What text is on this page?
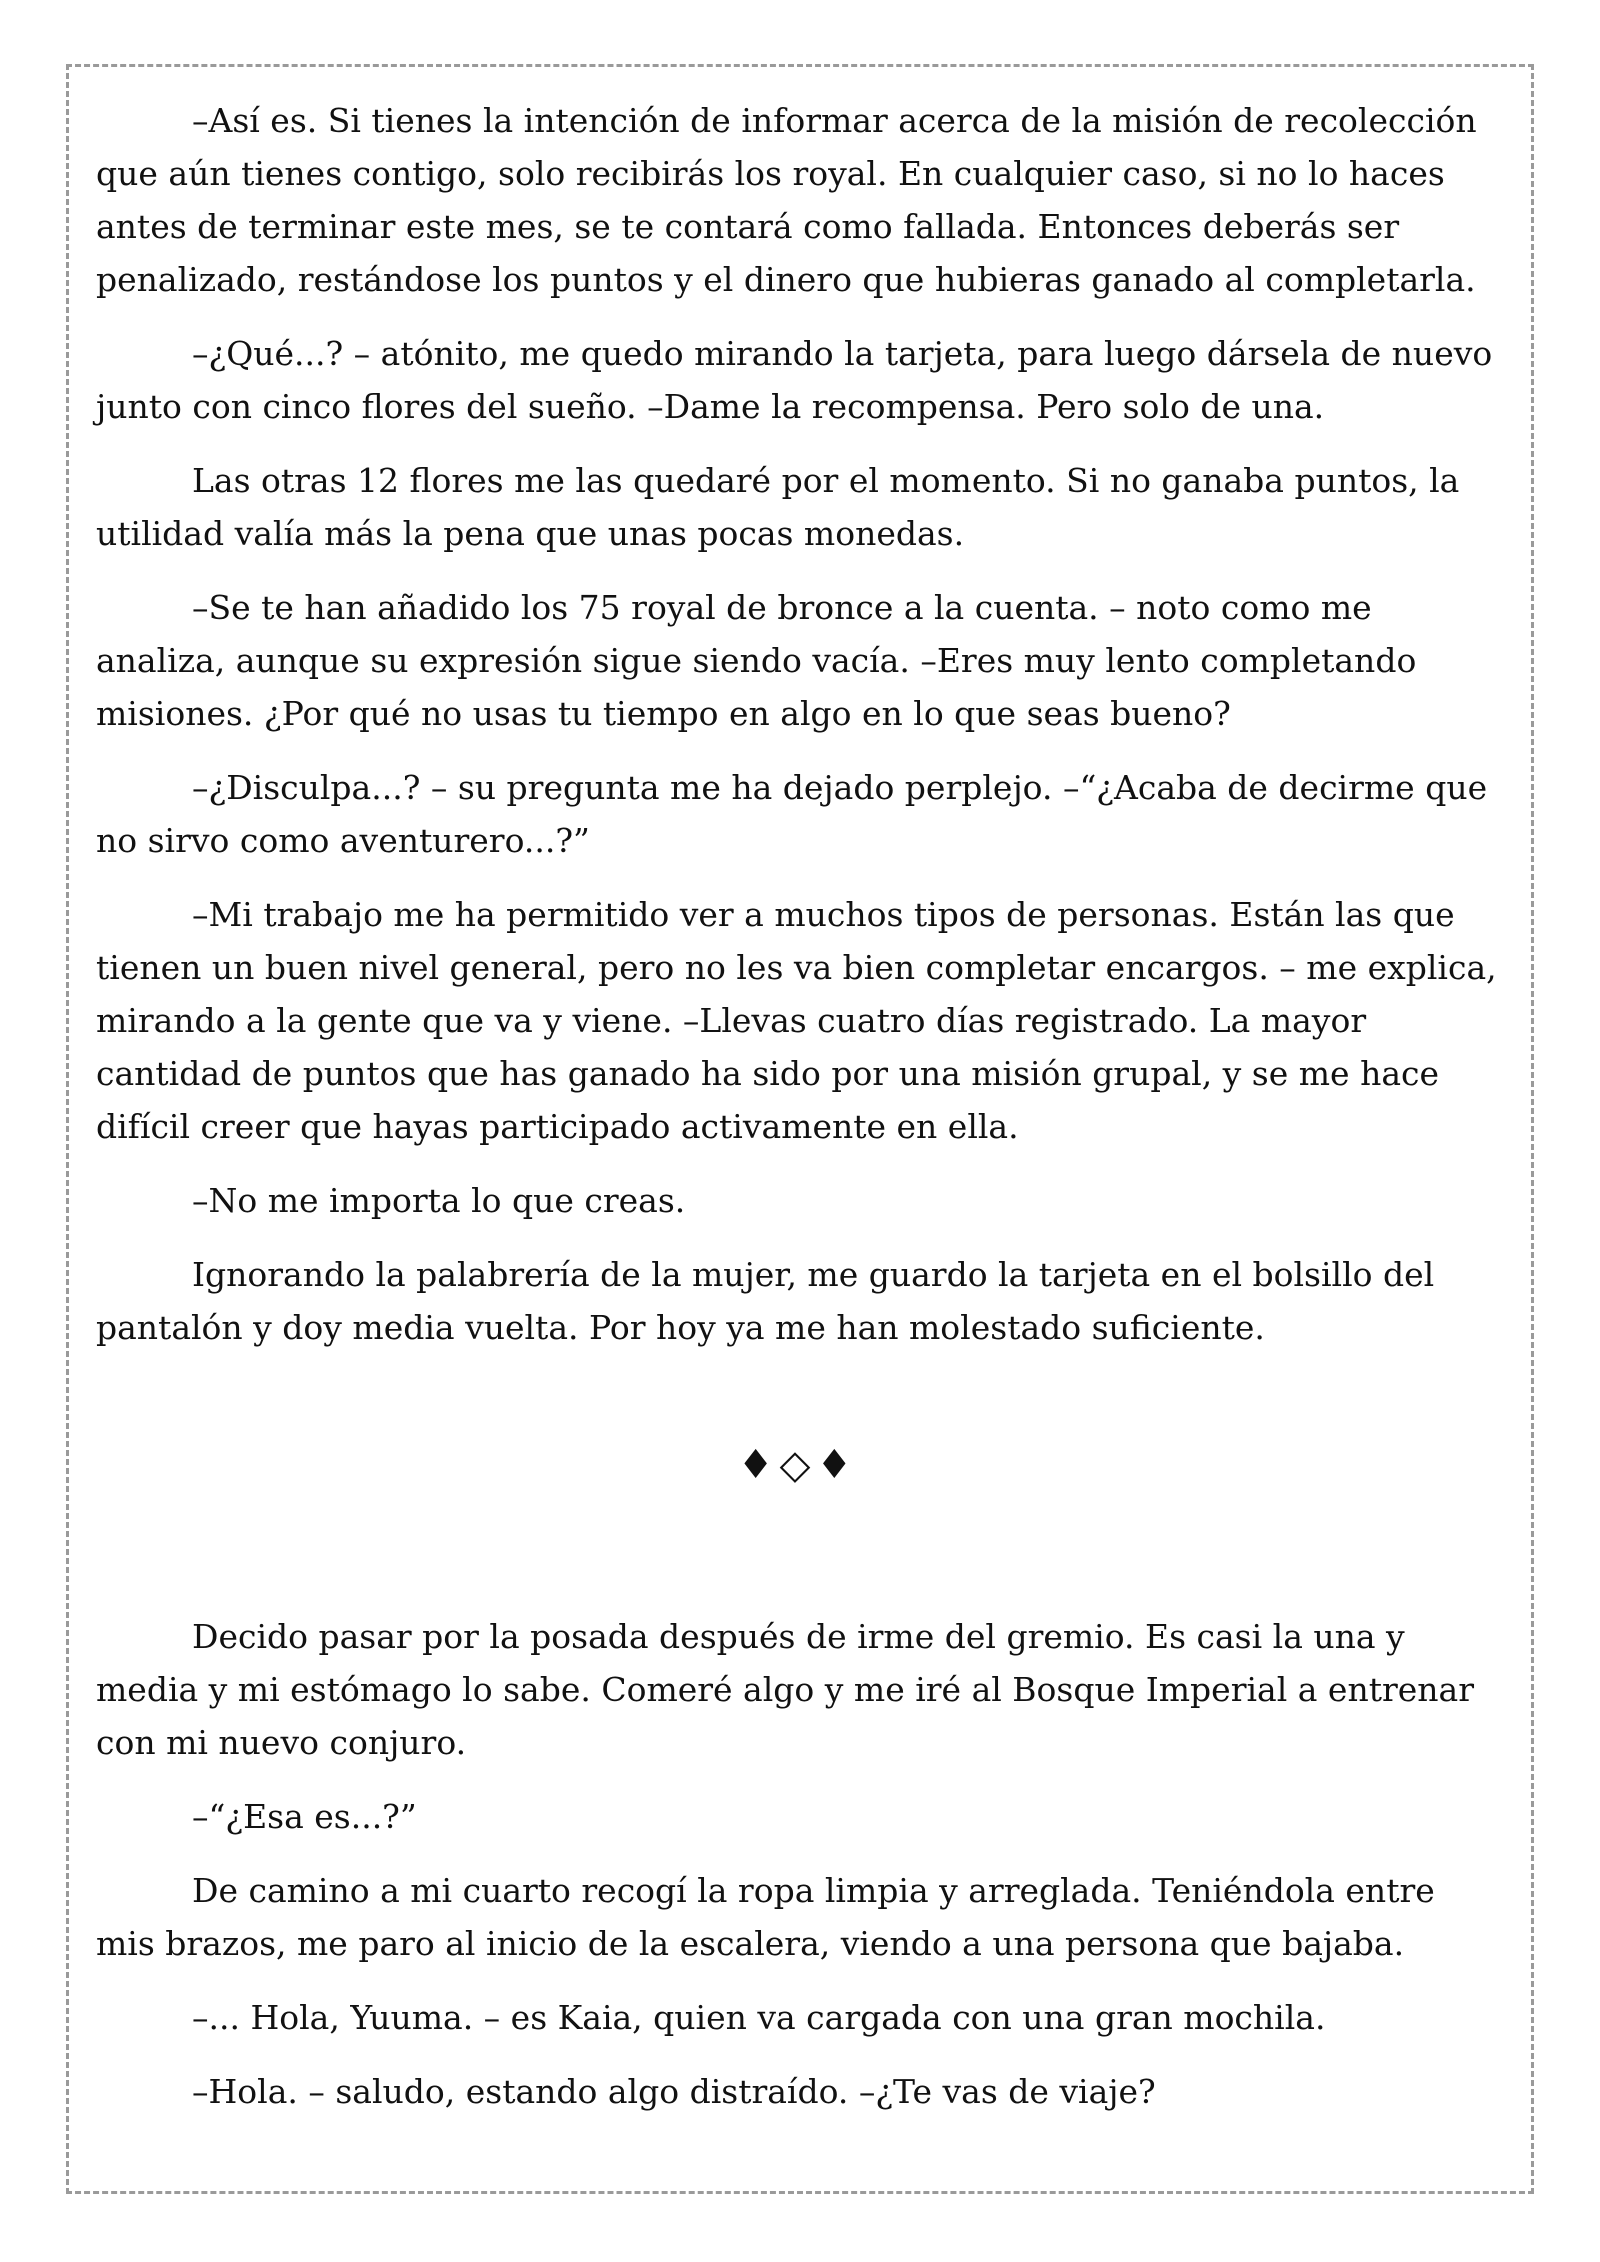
–Así es. Si tienes la intención de informar acerca de la misión de recolección que aún tienes contigo, solo recibirás los royal. En cualquier caso, si no lo haces antes de terminar este mes, se te contará como fallada. Entonces deberás ser penalizado, restándose los puntos y el dinero que hubieras ganado al completarla.

–¿Qué...? – atónito, me quedo mirando la tarjeta, para luego dársela de nuevo junto con cinco flores del sueño. –Dame la recompensa. Pero solo de una.

Las otras 12 flores me las quedaré por el momento. Si no ganaba puntos, la utilidad valía más la pena que unas pocas monedas.

–Se te han añadido los 75 royal de bronce a la cuenta. – noto como me analiza, aunque su expresión sigue siendo vacía. –Eres muy lento completando misiones. ¿Por qué no usas tu tiempo en algo en lo que seas bueno?

–¿Disculpa...? – su pregunta me ha dejado perplejo. –“¿Acaba de decirme que no sirvo como aventurero...?”

–Mi trabajo me ha permitido ver a muchos tipos de personas. Están las que tienen un buen nivel general, pero no les va bien completar encargos. – me explica, mirando a la gente que va y viene. –Llevas cuatro días registrado. La mayor cantidad de puntos que has ganado ha sido por una misión grupal, y se me hace difícil creer que hayas participado activamente en ella.

–No me importa lo que creas.

Ignorando la palabrería de la mujer, me guardo la tarjeta en el bolsillo del pantalón y doy media vuelta. Por hoy ya me han molestado suficiente.

♦◇♦

Decido pasar por la posada después de irme del gremio. Es casi la una y media y mi estómago lo sabe. Comeré algo y me iré al Bosque Imperial a entrenar con mi nuevo conjuro.

–“¿Esa es...?”

De camino a mi cuarto recogí la ropa limpia y arreglada. Teniéndola entre mis brazos, me paro al inicio de la escalera, viendo a una persona que bajaba.

–... Hola, Yuuma. – es Kaia, quien va cargada con una gran mochila.

–Hola. – saludo, estando algo distraído. –¿Te vas de viaje?
